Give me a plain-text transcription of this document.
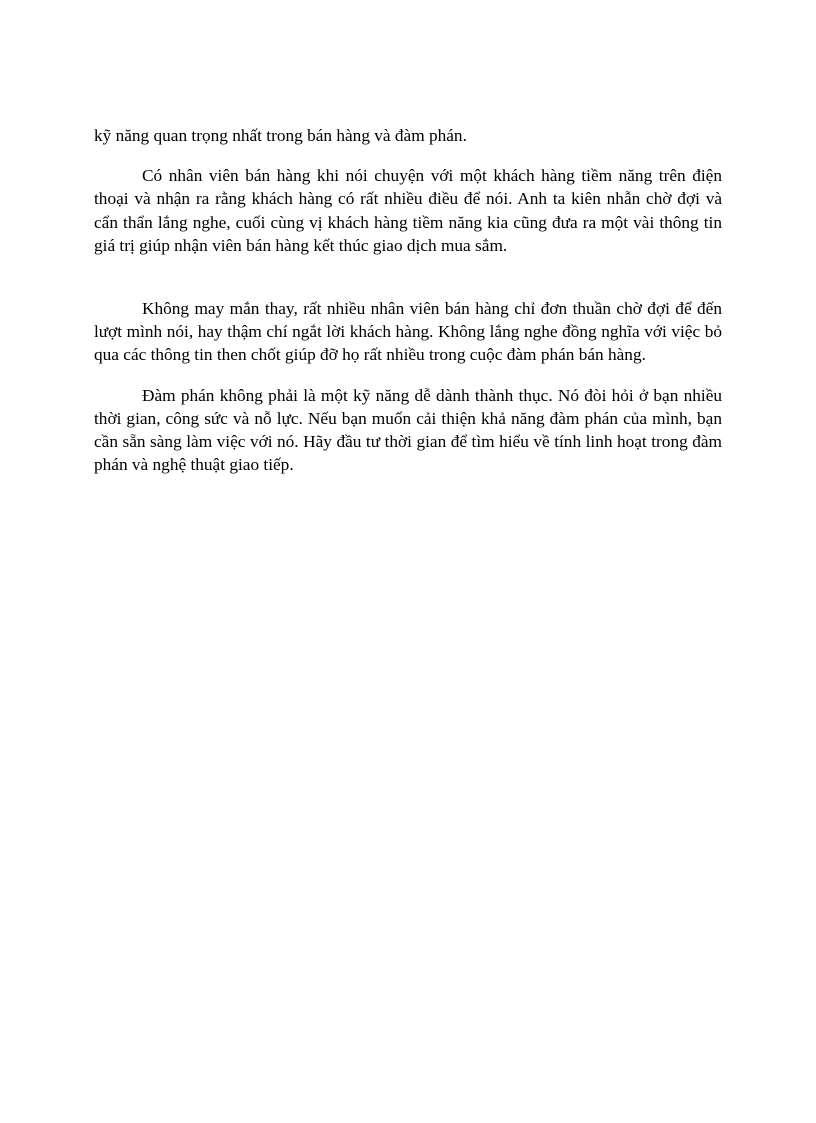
kỹ năng quan trọng nhất trong bán hàng và đàm phán.

Có nhân viên bán hàng khi nói chuyện với một khách hàng tiềm năng trên điện thoại và nhận ra rằng khách hàng có rất nhiều điều để nói. Anh ta kiên nhẫn chờ đợi và cẩn thẩn lắng nghe, cuối cùng vị khách hàng tiềm năng kia cũng đưa ra một vài thông tin giá trị giúp nhận viên bán hàng kết thúc giao dịch mua sắm.

Không may mắn thay, rất nhiều nhân viên bán hàng chỉ đơn thuần chờ đợi để đến lượt mình nói, hay thậm chí ngắt lời khách hàng. Không lắng nghe đồng nghĩa với việc bỏ qua các thông tin then chốt giúp đỡ họ rất nhiều trong cuộc đàm phán bán hàng.

Đàm phán không phải là một kỹ năng dễ dành thành thục. Nó đòi hỏi ở bạn nhiều thời gian, công sức và nỗ lực. Nếu bạn muốn cải thiện khả năng đàm phán của mình, bạn cần sẵn sàng làm việc với nó. Hãy đầu tư thời gian để tìm hiểu về tính linh hoạt trong đàm phán và nghệ thuật giao tiếp.
